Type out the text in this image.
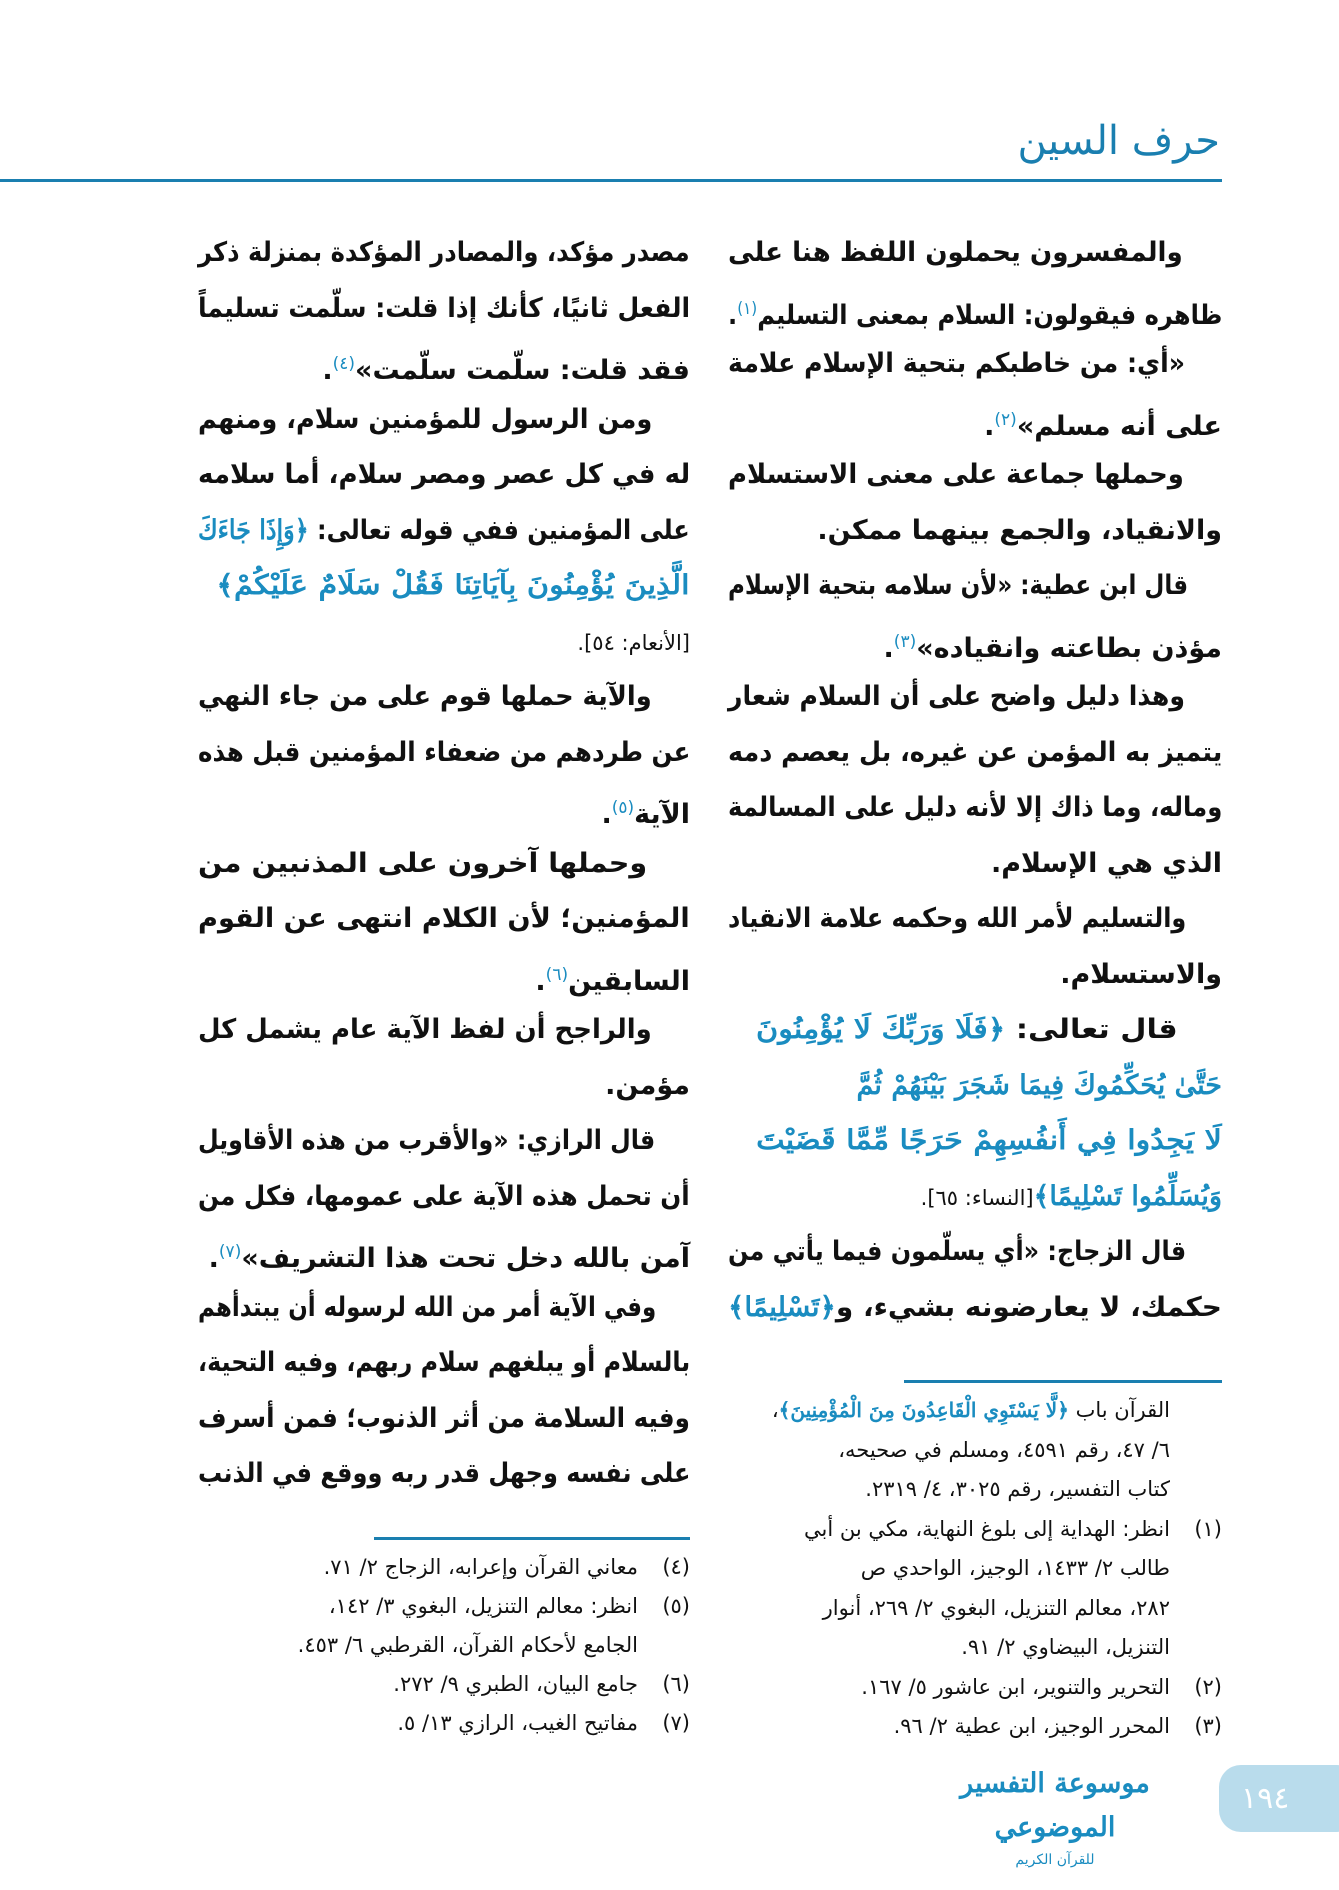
حرف السين
والمفسرون يحملون اللفظ هنا على
ظاهره فيقولون: السلام بمعنى التسليم$^{(١)}$.
«أي: من خاطبكم بتحية الإسلام علامة
على أنه مسلم»$^{(٢)}$.
وحملها جماعة على معنى الاستسلام
والانقياد، والجمع بينهما ممكن.
قال ابن عطية: «لأن سلامه بتحية الإسلام
مؤذن بطاعته وانقياده»$^{(٣)}$.
وهذا دليل واضح على أن السلام شعار
يتميز به المؤمن عن غيره، بل يعصم دمه
وماله، وما ذاك إلا لأنه دليل على المسالمة
الذي هي الإسلام.
والتسليم لأمر الله وحكمه علامة الانقياد
والاستسلام.
قال تعالى: ﴿فَلَا وَرَبِّكَ لَا يُؤْمِنُونَ
حَتَّىٰ يُحَكِّمُوكَ فِيمَا شَجَرَ بَيْنَهُمْ ثُمَّ
لَا يَجِدُوا فِي أَنفُسِهِمْ حَرَجًا مِّمَّا قَضَيْتَ
وَيُسَلِّمُوا تَسْلِيمًا﴾[النساء: ٦٥].
قال الزجاج: «أي يسلّمون فيما يأتي من
حكمك، لا يعارضونه بشيء، و﴿تَسْلِيمًا﴾
مصدر مؤكد، والمصادر المؤكدة بمنزلة ذكر
الفعل ثانيًا، كأنك إذا قلت: سلّمت تسليماً
فقد قلت: سلّمت سلّمت»$^{(٤)}$.
ومن الرسول للمؤمنين سلام، ومنهم
له في كل عصر ومصر سلام، أما سلامه
على المؤمنين ففي قوله تعالى: ﴿وَإِذَا جَاءَكَ
الَّذِينَ يُؤْمِنُونَ بِآيَاتِنَا فَقُلْ سَلَامٌ عَلَيْكُمْ﴾
[الأنعام: ٥٤].
والآية حملها قوم على من جاء النهي
عن طردهم من ضعفاء المؤمنين قبل هذه
الآية$^{(٥)}$.
وحملها آخرون على المذنبين من
المؤمنين؛ لأن الكلام انتهى عن القوم
السابقين$^{(٦)}$.
والراجح أن لفظ الآية عام يشمل كل
مؤمن.
قال الرازي: «والأقرب من هذه الأقاويل
أن تحمل هذه الآية على عمومها، فكل من
آمن بالله دخل تحت هذا التشريف»$^{(٧)}$.
وفي الآية أمر من الله لرسوله أن يبتدأهم
بالسلام أو يبلغهم سلام ربهم، وفيه التحية،
وفيه السلامة من أثر الذنوب؛ فمن أسرف
على نفسه وجهل قدر ربه ووقع في الذنب
القرآن باب ﴿لَّا يَسْتَوِي الْقَاعِدُونَ مِنَ الْمُؤْمِنِينَ﴾،
٦/ ٤٧، رقم ٤٥٩١، ومسلم في صحيحه،
كتاب التفسير، رقم ٣٠٢٥، ٤/ ٢٣١٩.
(١)
انظر: الهداية إلى بلوغ النهاية، مكي بن أبي
طالب ٢/ ١٤٣٣، الوجيز، الواحدي ص
٢٨٢، معالم التنزيل، البغوي ٢/ ٢٦٩، أنوار
التنزيل، البيضاوي ٢/ ٩١.
(٢)
التحرير والتنوير، ابن عاشور ٥/ ١٦٧.
(٣)
المحرر الوجيز، ابن عطية ٢/ ٩٦.
(٤)
معاني القرآن وإعرابه، الزجاج ٢/ ٧١.
(٥)
انظر: معالم التنزيل، البغوي ٣/ ١٤٢،
الجامع لأحكام القرآن، القرطبي ٦/ ٤٥٣.
(٦)
جامع البيان، الطبري ٩/ ٢٧٢.
(٧)
مفاتيح الغيب، الرازي ١٣/ ٥.
موسوعة التفسير الموضوعي
للقرآن الكريم
١٩٤
